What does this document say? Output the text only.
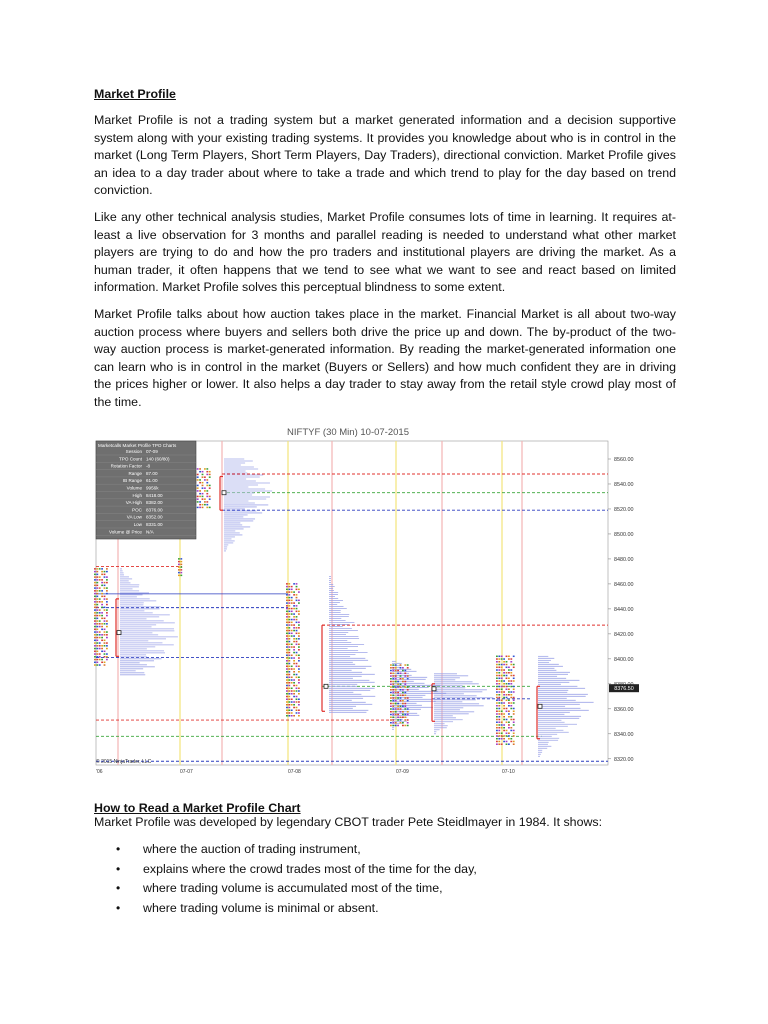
Market Profile

Market Profile is not a trading system but a market generated information and a decision supportive system along with your existing trading systems. It provides you knowledge about who is in control in the market (Long Term Players, Short Term Players, Day Traders), directional conviction. Market Profile gives an idea to a day trader about where to take a trade and which trend to play for the day based on trend conviction.

Like any other technical analysis studies, Market Profile consumes lots of time in learning. It requires at-least a live observation for 3 months and parallel reading is needed to understand what other market players are trying to do and how the pro traders and institutional players are driving the market. As a human trader, it often happens that we tend to see what we want to see and react based on limited information. Market Profile solves this perceptual blindness to some extent.

Market Profile talks about how auction takes place in the market. Financial Market is all about two-way auction process where buyers and sellers both drive the price up and down. The by-product of the two-way auction process is market-generated information. By reading the market-generated information one can learn who is in control in the market (Buyers or Sellers) and how much confident they are in driving the prices higher or lower. It also helps a day trader to stay away from the retail style crowd play most of the time.

NIFTYF (30 Min) 10-07-2015
Marketcalls Market Profile TPO Charts
Session 07-09
TPO Count 140 (60/80)
Rotation Factor -8
Range 87.00
IB Range 61.00
Volume 9956k
High 8418.00
VA High 8382.00
POC 8376.00
VA Low 8352.00
Low 8331.00
Volume @ Price N/A
8560.00
8540.00
8520.00
8500.00
8480.00
8460.00
8440.00
8420.00
8400.00
8360.00
8340.00
8320.00
8376.50
'06	07-07	07-08	07-09	07-10
© 2015 NinjaTrader, LLC

How to Read a Market Profile Chart

Market Profile was developed by legendary CBOT trader Pete Steidlmayer in 1984. It shows:

• where the auction of trading instrument,
• explains where the crowd trades most of the time for the day,
• where trading volume is accumulated most of the time,
• where trading volume is minimal or absent.
